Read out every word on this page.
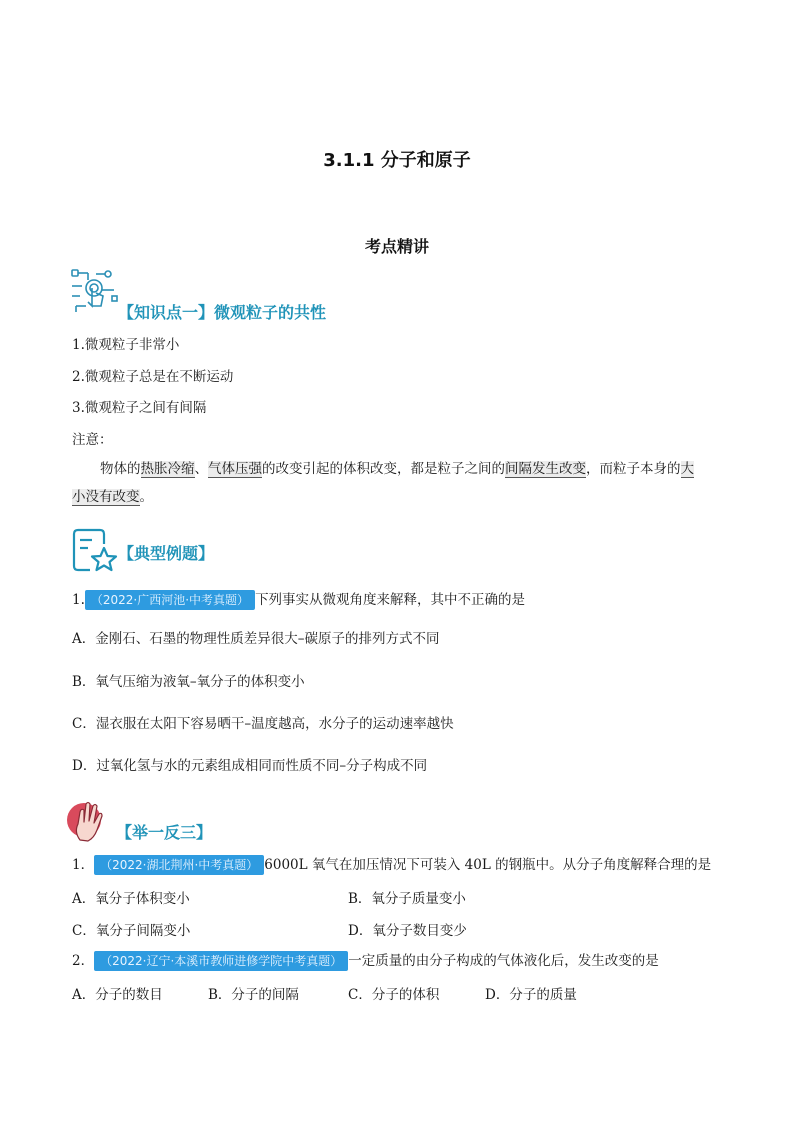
3.1.1 分子和原子
考点精讲
【知识点一】微观粒子的共性
1.微观粒子非常小
2.微观粒子总是在不断运动
3.微观粒子之间有间隔
注意：
物体的热胀冷缩、气体压强的改变引起的体积改变，都是粒子之间的间隔发生改变，而粒子本身的大
小没有改变。
【典型例题】
1. （2022·广西河池·中考真题） 下列事实从微观角度来解释，其中不正确的是
A．金刚石、石墨的物理性质差异很大–碳原子的排列方式不同
B．氧气压缩为液氧–氧分子的体积变小
C．湿衣服在太阳下容易晒干–温度越高，水分子的运动速率越快
D．过氧化氢与水的元素组成相同而性质不同–分子构成不同
【举一反三】
1． （2022·湖北荆州·中考真题） 6000L 氧气在加压情况下可装入 40L 的钢瓶中。从分子角度解释合理的是
A．氧分子体积变小	B．氧分子质量变小
C．氧分子间隔变小	D．氧分子数目变少
2． （2022·辽宁·本溪市教师进修学院中考真题） 一定质量的由分子构成的气体液化后，发生改变的是
A．分子的数目	B．分子的间隔	C．分子的体积	D．分子的质量
